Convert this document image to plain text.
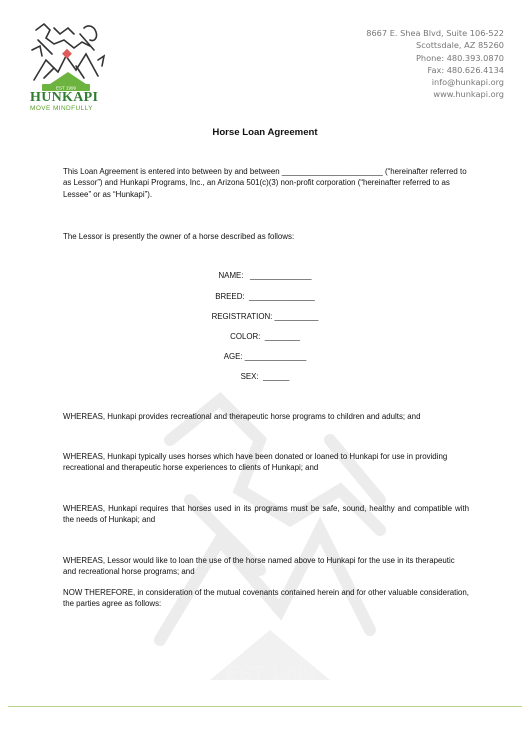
EST 1999
HUNKAPI
MOVE MINDFULLY
8667 E. Shea Blvd, Suite 106-522
Scottsdale, AZ 85260
Phone: 480.393.0870
Fax: 480.626.4134
info@hunkapi.org
www.hunkapi.org
EST 1999
Horse Loan Agreement
This Loan Agreement is entered into between by and between _______________________ (“hereinafter referred to as Lessor”) and Hunkapi Programs, Inc., an Arizona 501(c)(3) non-profit corporation (“hereinafter referred to as Lessee” or as “Hunkapi”).
The Lessor is presently the owner of a horse described as follows:
NAME:   ______________
BREED:  _______________
REGISTRATION: __________
COLOR:  ________
AGE: ______________
SEX:  ______
WHEREAS, Hunkapi provides recreational and therapeutic horse programs to children and adults; and
WHEREAS, Hunkapi typically uses horses which have been donated or loaned to Hunkapi for use in providing recreational and therapeutic horse experiences to clients of Hunkapi; and
WHEREAS, Hunkapi requires that horses used in its programs must be safe, sound, healthy and compatible with the needs of Hunkapi; and
WHEREAS, Lessor would like to loan the use of the horse named above to Hunkapi for the use in its therapeutic and recreational horse programs; and
NOW THEREFORE, in consideration of the mutual covenants contained herein and for other valuable consideration, the parties agree as follows:
